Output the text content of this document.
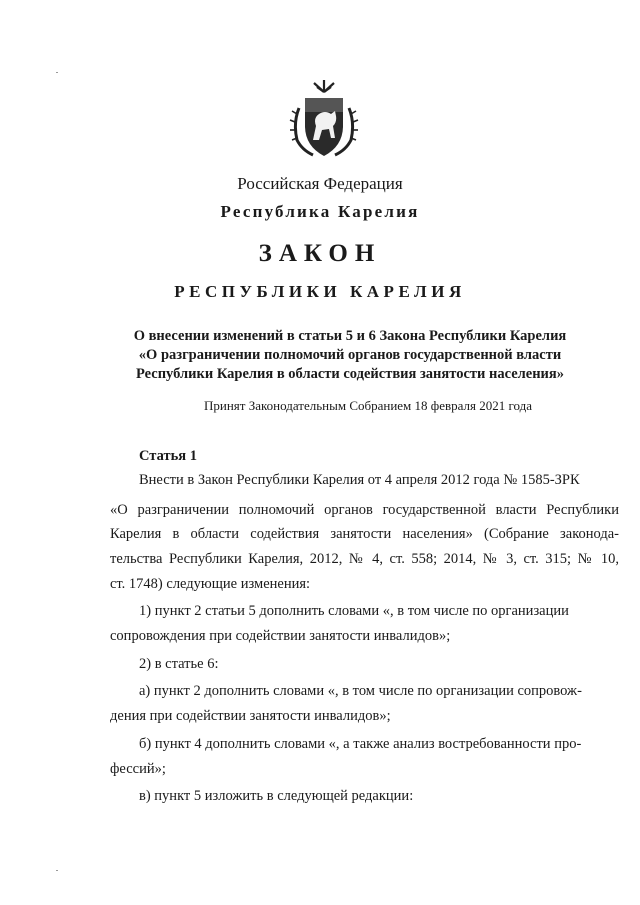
Российская Федерация
Республика Карелия
ЗАКОН
РЕСПУБЛИКИ КАРЕЛИЯ
О внесении изменений в статьи 5 и 6 Закона Республики Карелия
«О разграничении полномочий органов государственной власти
Республики Карелия в области содействия занятости населения»
Принят Законодательным Собранием 18 февраля 2021 года
Статья 1
Внести в Закон Республики Карелия от 4 апреля 2012 года № 1585-ЗРК
«О разграничении полномочий органов государственной власти Республики
Карелия в области содействия занятости населения» (Собрание законода-
тельства Республики Карелия, 2012, № 4, ст. 558; 2014, № 3, ст. 315; № 10,
ст. 1748) следующие изменения:
1) пункт 2 статьи 5 дополнить словами «, в том числе по организации
сопровождения при содействии занятости инвалидов»;
2) в статье 6:
а) пункт 2 дополнить словами «, в том числе по организации сопровож-
дения при содействии занятости инвалидов»;
б) пункт 4 дополнить словами «, а также анализ востребованности про-
фессий»;
в) пункт 5 изложить в следующей редакции:
